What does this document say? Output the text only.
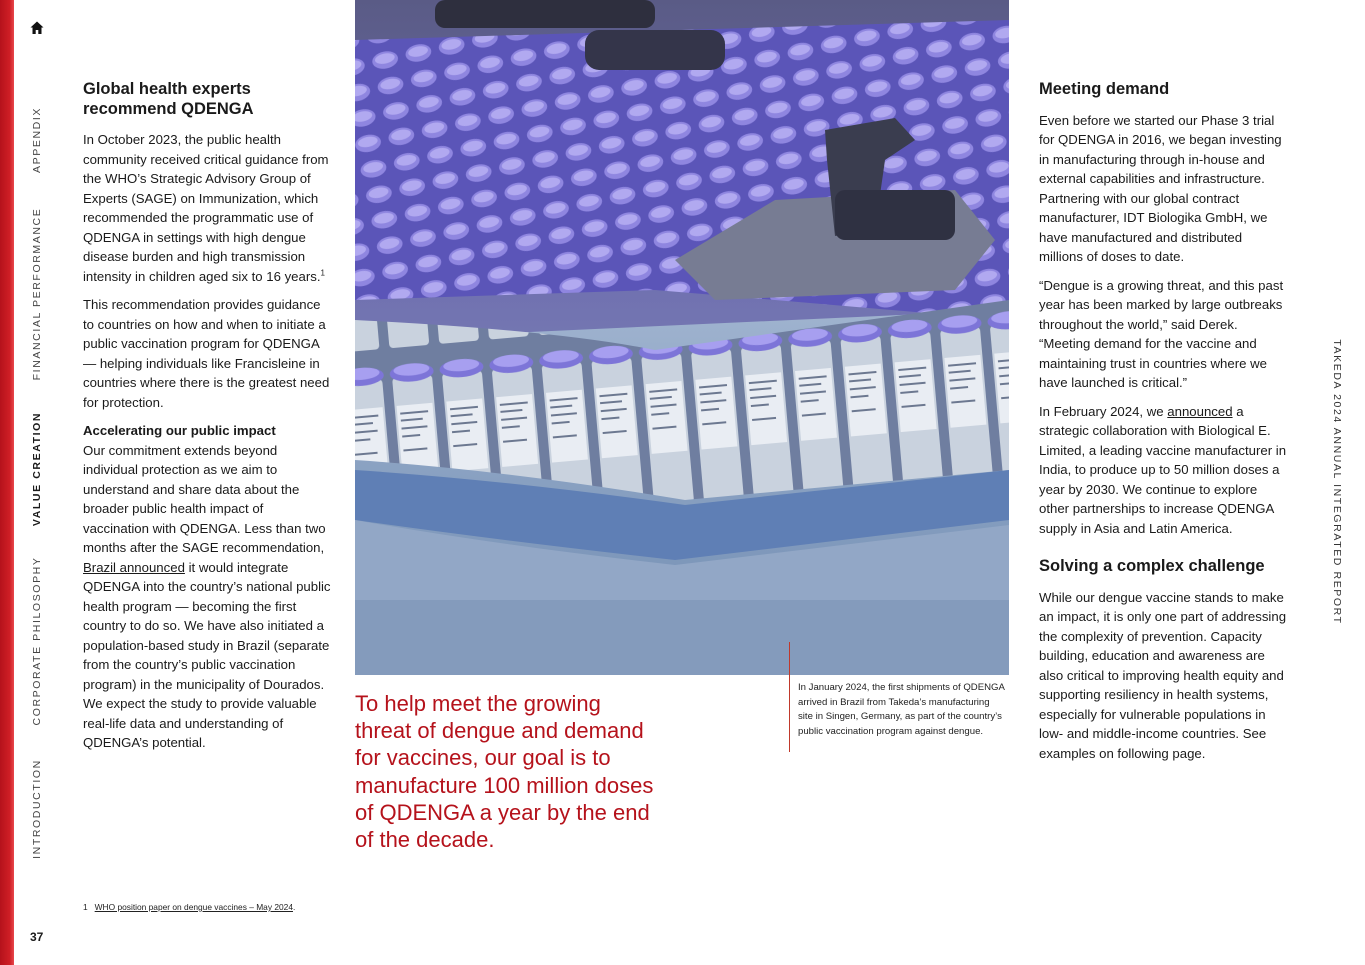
APPENDIX
FINANCIAL PERFORMANCE
VALUE CREATION
CORPORATE PHILOSOPHY
INTRODUCTION
37
Global health experts recommend QDENGA

In October 2023, the public health community received critical guidance from the WHO’s Strategic Advisory Group of Experts (SAGE) on Immunization, which recommended the programmatic use of QDENGA in settings with high dengue disease burden and high transmission intensity in children aged six to 16 years.$^1$

This recommendation provides guidance to countries on how and when to initiate a public vaccination program for QDENGA — helping individuals like Francisleine in countries where there is the greatest need for protection.

Accelerating our public impact

Our commitment extends beyond individual protection as we aim to understand and share data about the broader public health impact of vaccination with QDENGA. Less than two months after the SAGE recommendation, Brazil announced it would integrate QDENGA into the country’s national public health program — becoming the first country to do so. We have also initiated a population-based study in Brazil (separate from the country’s public vaccination program) in the municipality of Dourados. We expect the study to provide valuable real-life data and understanding of QDENGA’s potential.

To help meet the growing threat of dengue and demand for vaccines, our goal is to manufacture 100 million doses of QDENGA a year by the end of the decade.
In January 2024, the first shipments of QDENGA arrived in Brazil from Takeda’s manufacturing site in Singen, Germany, as part of the country’s public vaccination program against dengue.
Meeting demand

Even before we started our Phase 3 trial for QDENGA in 2016, we began investing in manufacturing through in-house and external capabilities and infrastructure. Partnering with our global contract manufacturer, IDT Biologika GmbH, we have manufactured and distributed millions of doses to date.

“Dengue is a growing threat, and this past year has been marked by large outbreaks throughout the world,” said Derek. “Meeting demand for the vaccine and maintaining trust in countries where we have launched is critical.”

In February 2024, we announced a strategic collaboration with Biological E. Limited, a leading vaccine manufacturer in India, to produce up to 50 million doses a year by 2030. We continue to explore other partnerships to increase QDENGA supply in Asia and Latin America.

Solving a complex challenge

While our dengue vaccine stands to make an impact, it is only one part of addressing the complexity of prevention. Capacity building, education and awareness are also critical to improving health equity and supporting resiliency in health systems, especially for vulnerable populations in low- and middle-income countries. See examples on following page.

1 WHO position paper on dengue vaccines – May 2024.
TAKEDA 2024 ANNUAL INTEGRATED REPORT
